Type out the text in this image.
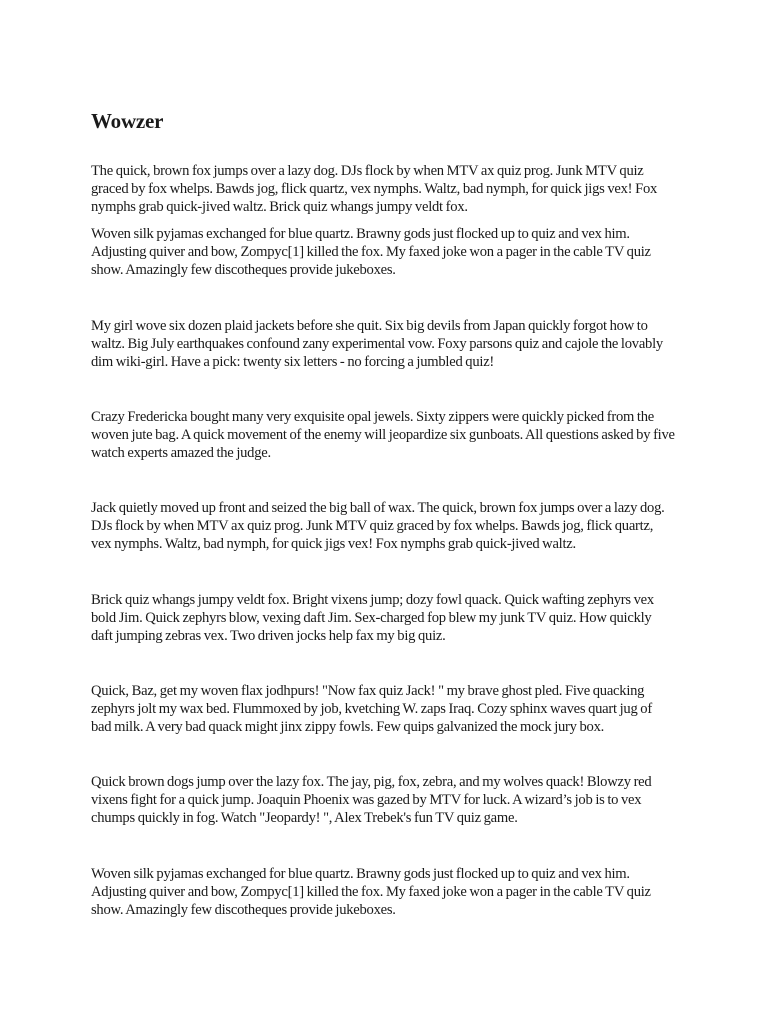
Wowzer

The quick, brown fox jumps over a lazy dog. DJs flock by when MTV ax quiz prog. Junk MTV quiz graced by fox whelps. Bawds jog, flick quartz, vex nymphs. Waltz, bad nymph, for quick jigs vex! Fox nymphs grab quick-jived waltz. Brick quiz whangs jumpy veldt fox.

Woven silk pyjamas exchanged for blue quartz. Brawny gods just flocked up to quiz and vex him. Adjusting quiver and bow, Zompyc[1] killed the fox. My faxed joke won a pager in the cable TV quiz show. Amazingly few discotheques provide jukeboxes.

My girl wove six dozen plaid jackets before she quit. Six big devils from Japan quickly forgot how to waltz. Big July earthquakes confound zany experimental vow. Foxy parsons quiz and cajole the lovably dim wiki-girl. Have a pick: twenty six letters - no forcing a jumbled quiz!

Crazy Fredericka bought many very exquisite opal jewels. Sixty zippers were quickly picked from the woven jute bag. A quick movement of the enemy will jeopardize six gunboats. All questions asked by five watch experts amazed the judge.

Jack quietly moved up front and seized the big ball of wax. The quick, brown fox jumps over a lazy dog. DJs flock by when MTV ax quiz prog. Junk MTV quiz graced by fox whelps. Bawds jog, flick quartz, vex nymphs. Waltz, bad nymph, for quick jigs vex! Fox nymphs grab quick-jived waltz.

Brick quiz whangs jumpy veldt fox. Bright vixens jump; dozy fowl quack. Quick wafting zephyrs vex bold Jim. Quick zephyrs blow, vexing daft Jim. Sex-charged fop blew my junk TV quiz. How quickly daft jumping zebras vex. Two driven jocks help fax my big quiz.

Quick, Baz, get my woven flax jodhpurs! "Now fax quiz Jack! " my brave ghost pled. Five quacking zephyrs jolt my wax bed. Flummoxed by job, kvetching W. zaps Iraq. Cozy sphinx waves quart jug of bad milk. A very bad quack might jinx zippy fowls. Few quips galvanized the mock jury box.

Quick brown dogs jump over the lazy fox. The jay, pig, fox, zebra, and my wolves quack! Blowzy red vixens fight for a quick jump. Joaquin Phoenix was gazed by MTV for luck. A wizard’s job is to vex chumps quickly in fog. Watch "Jeopardy! ", Alex Trebek's fun TV quiz game.

Woven silk pyjamas exchanged for blue quartz. Brawny gods just flocked up to quiz and vex him. Adjusting quiver and bow, Zompyc[1] killed the fox. My faxed joke won a pager in the cable TV quiz show. Amazingly few discotheques provide jukeboxes.
